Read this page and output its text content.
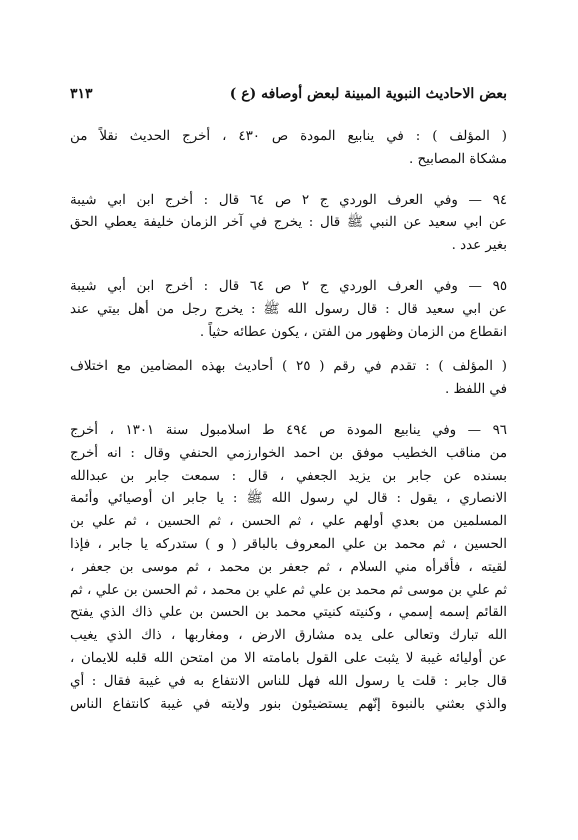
بعض الاحاديث النبوية المبينة لبعض أوصافه (ع )
٣١٣

( المؤلف ) : في ينابيع المودة ص ٤٣٠ ، أخرج الحديث نقلاً من
مشكاة المصابيح .

٩٤ — وفي العرف الوردي ج ٢ ص ٦٤ قال : أخرج ابن ابي شيبة
عن ابي سعيد عن النبي ﷺ قال : يخرج في آخر الزمان خليفة يعطي الحق
بغير عدد .

٩٥ — وفي العرف الوردي ج ٢ ص ٦٤ قال : أخرج ابن أبي شيبة
عن ابي سعيد قال : قال رسول الله ﷺ : يخرج رجل من أهل بيتي عند
انقطاع من الزمان وظهور من الفتن ، يكون عطائه حثياً .

( المؤلف ) : تقدم في رقم ( ٢٥ ) أحاديث بهذه المضامين مع اختلاف
في اللفظ .

٩٦ — وفي ينابيع المودة ص ٤٩٤ ط اسلامبول سنة ١٣٠١ ، أخرج
من مناقب الخطيب موفق بن احمد الخوارزمي الحنفي وقال : انه أخرج
بسنده عن جابر بن يزيد الجعفي ، قال : سمعت جابر بن عبدالله
الانصاري ، يقول : قال لي رسول الله ﷺ : يا جابر ان أوصيائي وأئمة
المسلمين من بعدي أولهم علي ، ثم الحسن ، ثم الحسين ، ثم علي بن
الحسين ، ثم محمد بن علي المعروف بالباقر ( و ) ستدركه يا جابر ، فإذا
لقيته ، فأقرأه مني السلام ، ثم جعفر بن محمد ، ثم موسى بن جعفر ،
ثم علي بن موسى ثم محمد بن علي ثم علي بن محمد ، ثم الحسن بن علي ، ثم
القائم إسمه إسمي ، وكنيته كنيتي محمد بن الحسن بن علي ذاك الذي يفتح
الله تبارك وتعالى على يده مشارق الارض ، ومغاربها ، ذاك الذي يغيب
عن أوليائه غيبة لا يثبت على القول بامامته الا من امتحن الله قلبه للايمان ،
قال جابر : قلت يا رسول الله فهل للناس الانتفاع به في غيبة فقال : أي
والذي بعثني بالنبوة إنّهم يستضيئون بنور ولايته في غيبة كانتفاع الناس
